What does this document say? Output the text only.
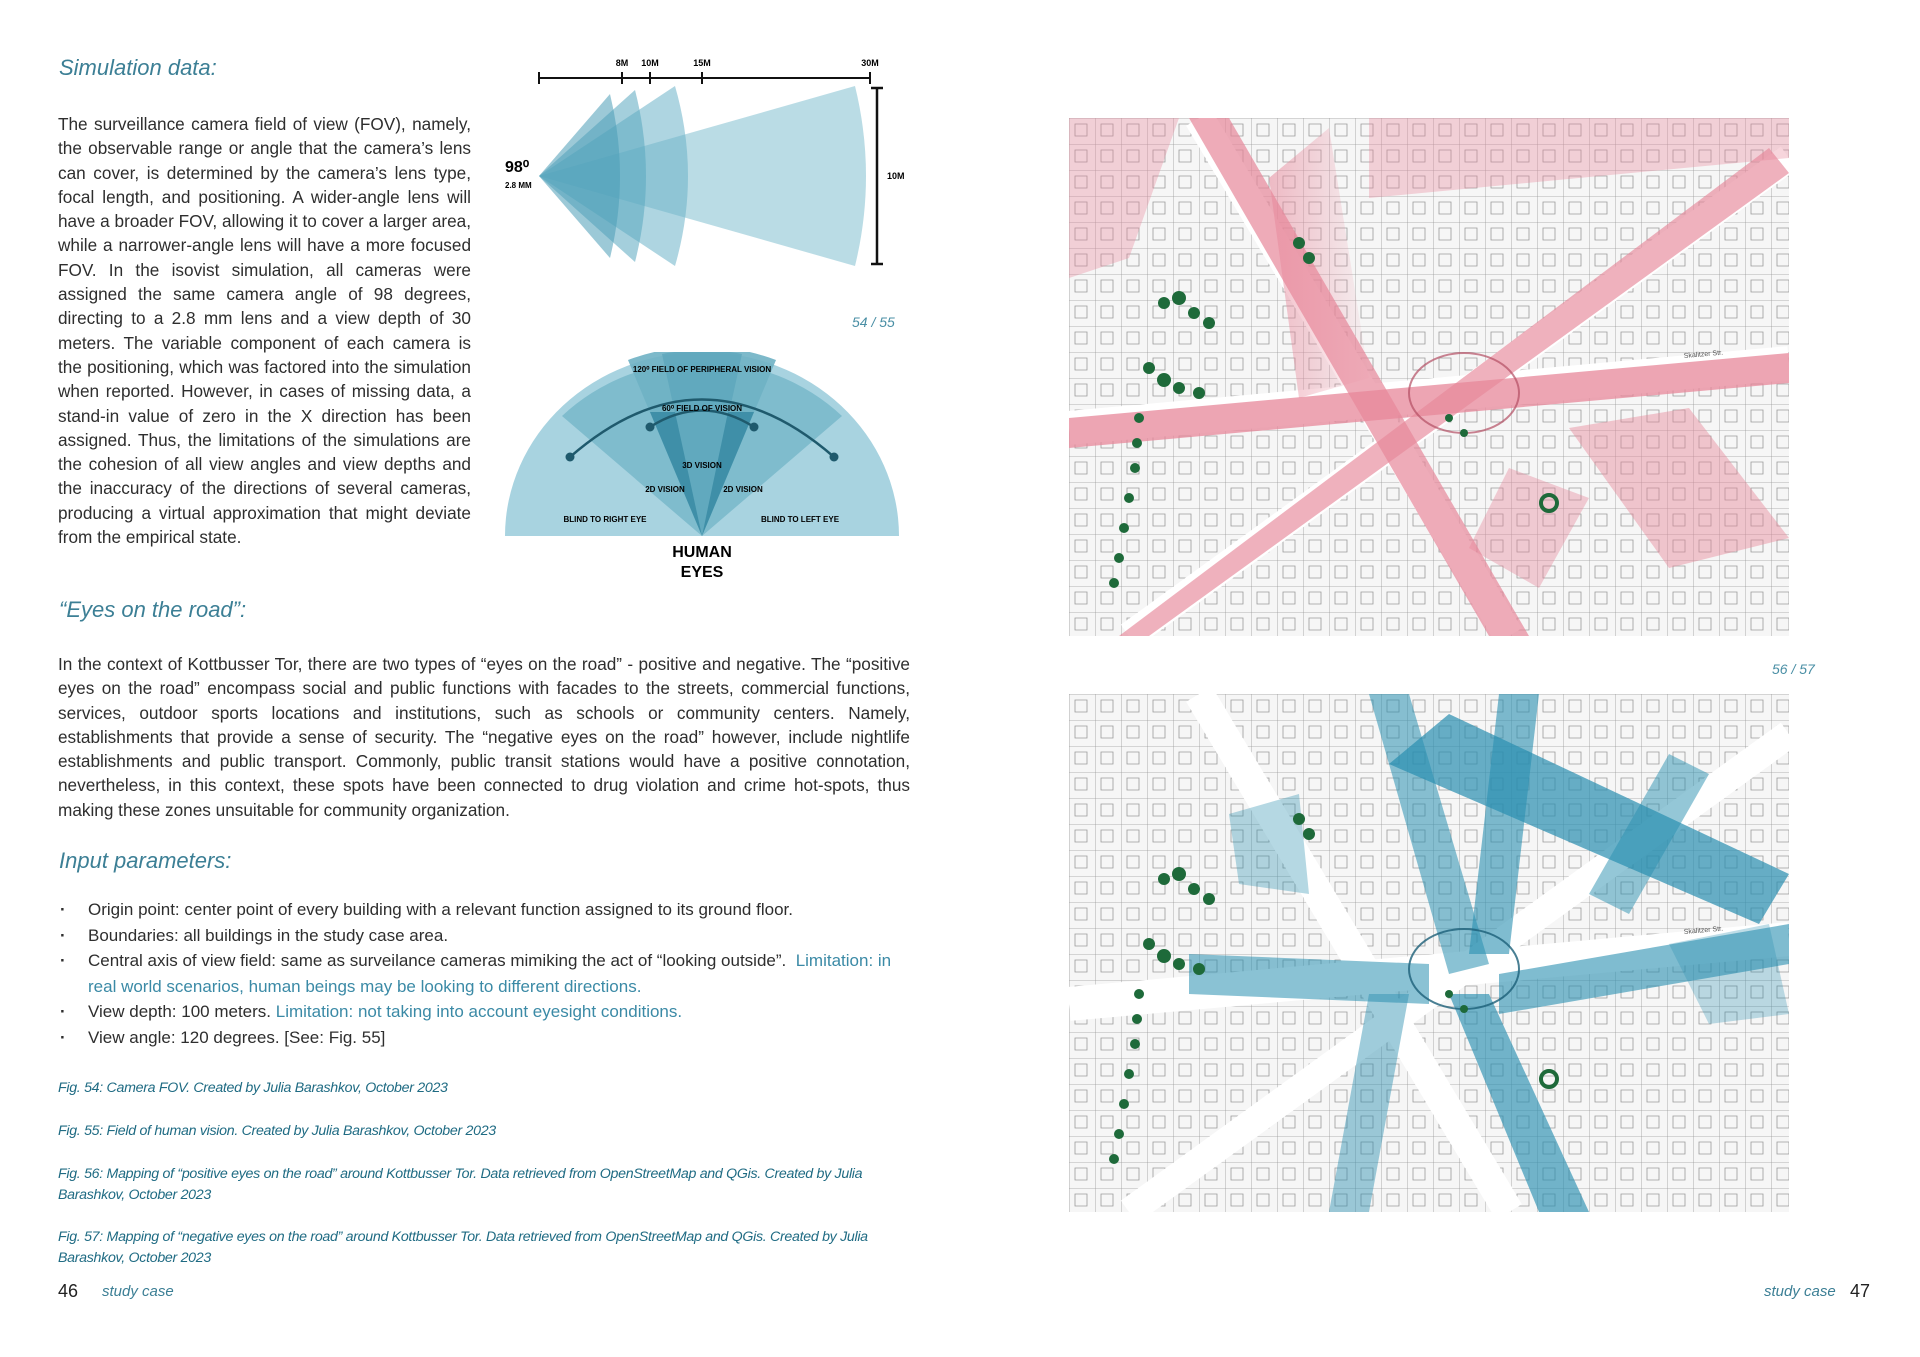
Simulation data:
The surveillance camera field of view (FOV), namely, the observable range or angle that the camera’s lens can cover, is determined by the camera’s lens type, focal length, and positioning. A wider-angle lens will have a broader FOV, allowing it to cover a larger area, while a narrower-angle lens will have a more focused FOV. In the isovist simulation, all cameras were assigned the same camera angle of 98 degrees, directing to a 2.8 mm lens and a view depth of 30 meters. The variable component of each camera is the positioning, which was factored into the simulation when reported. However, in cases of missing data, a stand-in value of zero in the X direction has been assigned. Thus, the limitations of the simulations are the cohesion of all view angles and view depths and the inaccuracy of the directions of several cameras, producing a virtual approximation that might deviate from the empirical state.
“Eyes on the road”:
In the context of Kottbusser Tor, there are two types of “eyes on the road” - positive and negative. The “positive eyes on the road” encompass social and public functions with facades to the streets, commercial functions, services, outdoor sports locations and institutions, such as schools or community centers. Namely, establishments that provide a sense of security. The “negative eyes on the road” however, include nightlife establishments and public transport. Commonly, public transit stations would have a positive connotation, nevertheless, in this context, these spots have been connected to drug violation and crime hot-spots, thus making these zones unsuitable for community organization.
Input parameters:
· Origin point: center point of every building with a relevant function assigned to its ground floor.
· Boundaries: all buildings in the study case area.
· Central axis of view field: same as surveilance cameras mimiking the act of “looking outside”. Limitation: in real world scenarios, human beings may be looking to different directions.
· View depth: 100 meters. Limitation: not taking into account eyesight conditions.
· View angle: 120 degrees. [See: Fig. 55]
Fig. 54: Camera FOV. Created by Julia Barashkov, October 2023
Fig. 55: Field of human vision. Created by Julia Barashkov, October 2023
Fig. 56: Mapping of “positive eyes on the road” around Kottbusser Tor. Data retrieved from OpenStreetMap and QGis. Created by Julia Barashkov, October 2023
Fig. 57: Mapping of “negative eyes on the road” around Kottbusser Tor. Data retrieved from OpenStreetMap and QGis. Created by Julia Barashkov, October 2023
46 study case
8M 10M	15M	30M
10M
98⁰
2.8 MM
54 / 55
120⁰ FIELD OF PERIPHERAL VISION
60⁰ FIELD OF VISION
3D VISION
2D VISION	2D VISION
BLIND TO RIGHT EYE	BLIND TO LEFT EYE
HUMAN
EYES
Skalitzer Str.
56 / 57
Skalitzer Str.
study case 47
